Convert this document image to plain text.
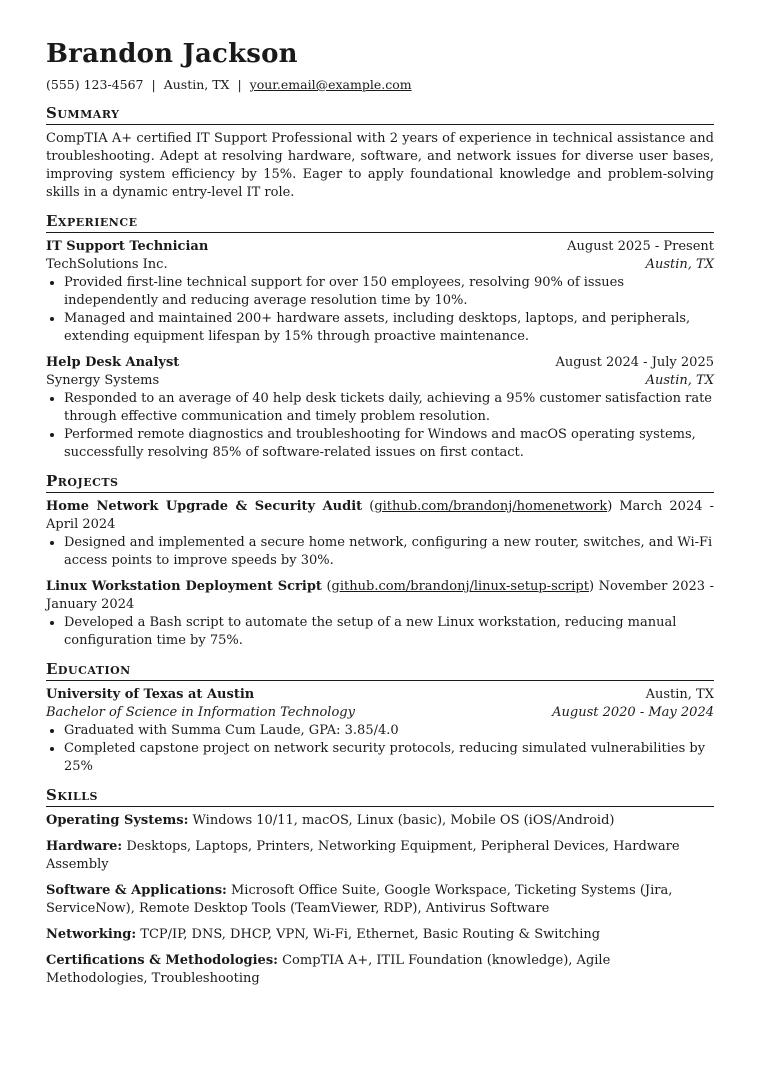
Brandon Jackson
(555) 123-4567 | Austin, TX | your.email@example.com
Summary
CompTIA A+ certified IT Support Professional with 2 years of experience in technical assistance and troubleshooting. Adept at resolving hardware, software, and network issues for diverse user bases, improving system efficiency by 15%. Eager to apply foundational knowledge and problem-solving skills in a dynamic entry-level IT role.
Experience
IT Support Technician	August 2025 - Present
TechSolutions Inc.	Austin, TX
• Provided first-line technical support for over 150 employees, resolving 90% of issues independently and reducing average resolution time by 10%.
• Managed and maintained 200+ hardware assets, including desktops, laptops, and peripherals, extending equipment lifespan by 15% through proactive maintenance.
Help Desk Analyst	August 2024 - July 2025
Synergy Systems	Austin, TX
• Responded to an average of 40 help desk tickets daily, achieving a 95% customer satisfaction rate through effective communication and timely problem resolution.
• Performed remote diagnostics and troubleshooting for Windows and macOS operating systems, successfully resolving 85% of software-related issues on first contact.
Projects
Home Network Upgrade & Security Audit (github.com/brandonj/homenetwork) March 2024 - April 2024
• Designed and implemented a secure home network, configuring a new router, switches, and Wi-Fi access points to improve speeds by 30%.
Linux Workstation Deployment Script (github.com/brandonj/linux-setup-script) November 2023 - January 2024
• Developed a Bash script to automate the setup of a new Linux workstation, reducing manual configuration time by 75%.
Education
University of Texas at Austin	Austin, TX
Bachelor of Science in Information Technology	August 2020 - May 2024
• Graduated with Summa Cum Laude, GPA: 3.85/4.0
• Completed capstone project on network security protocols, reducing simulated vulnerabilities by 25%
Skills
Operating Systems: Windows 10/11, macOS, Linux (basic), Mobile OS (iOS/Android)
Hardware: Desktops, Laptops, Printers, Networking Equipment, Peripheral Devices, Hardware Assembly
Software & Applications: Microsoft Office Suite, Google Workspace, Ticketing Systems (Jira, ServiceNow), Remote Desktop Tools (TeamViewer, RDP), Antivirus Software
Networking: TCP/IP, DNS, DHCP, VPN, Wi-Fi, Ethernet, Basic Routing & Switching
Certifications & Methodologies: CompTIA A+, ITIL Foundation (knowledge), Agile Methodologies, Troubleshooting
